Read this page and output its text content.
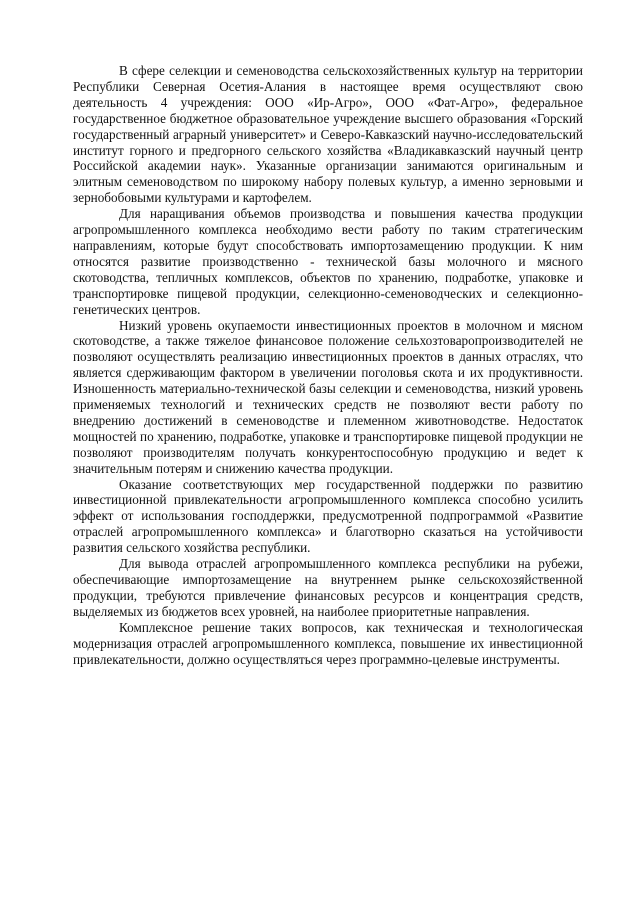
В сфере селекции и семеноводства сельскохозяйственных культур на территории Республики Северная Осетия-Алания в настоящее время осуществляют свою деятельность 4 учреждения: ООО «Ир-Агро», ООО «Фат-Агро», федеральное государственное бюджетное образовательное учреждение высшего образования «Горский государственный аграрный университет» и Северо-Кавказский научно-исследовательский институт горного и предгорного сельского хозяйства «Владикавказский научный центр Российской академии наук». Указанные организации занимаются оригинальным и элитным семеноводством по широкому набору полевых культур, а именно зерновыми и зернобобовыми культурами и картофелем.

Для наращивания объемов производства и повышения качества продукции агропромышленного комплекса необходимо вести работу по таким стратегическим направлениям, которые будут способствовать импортозамещению продукции. К ним относятся развитие производственно - технической базы молочного и мясного скотоводства, тепличных комплексов, объектов по хранению, подработке, упаковке и транспортировке пищевой продукции, селекционно-семеноводческих и селекционно-генетических центров.

Низкий уровень окупаемости инвестиционных проектов в молочном и мясном скотоводстве, а также тяжелое финансовое положение сельхозтоваропроизводителей не позволяют осуществлять реализацию инвестиционных проектов в данных отраслях, что является сдерживающим фактором в увеличении поголовья скота и их продуктивности. Изношенность материально-технической базы селекции и семеноводства, низкий уровень применяемых технологий и технических средств не позволяют вести работу по внедрению достижений в семеноводстве и племенном животноводстве. Недостаток мощностей по хранению, подработке, упаковке и транспортировке пищевой продукции не позволяют производителям получать конкурентоспособную продукцию и ведет к значительным потерям и снижению качества продукции.

Оказание соответствующих мер государственной поддержки по развитию инвестиционной привлекательности агропромышленного комплекса способно усилить эффект от использования господдержки, предусмотренной подпрограммой «Развитие отраслей агропромышленного комплекса» и благотворно сказаться на устойчивости развития сельского хозяйства республики.

Для вывода отраслей агропромышленного комплекса республики на рубежи, обеспечивающие импортозамещение на внутреннем рынке сельскохозяйственной продукции, требуются привлечение финансовых ресурсов и концентрация средств, выделяемых из бюджетов всех уровней, на наиболее приоритетные направления.

Комплексное решение таких вопросов, как техническая и технологическая модернизация отраслей агропромышленного комплекса, повышение их инвестиционной привлекательности, должно осуществляться через программно-целевые инструменты.
